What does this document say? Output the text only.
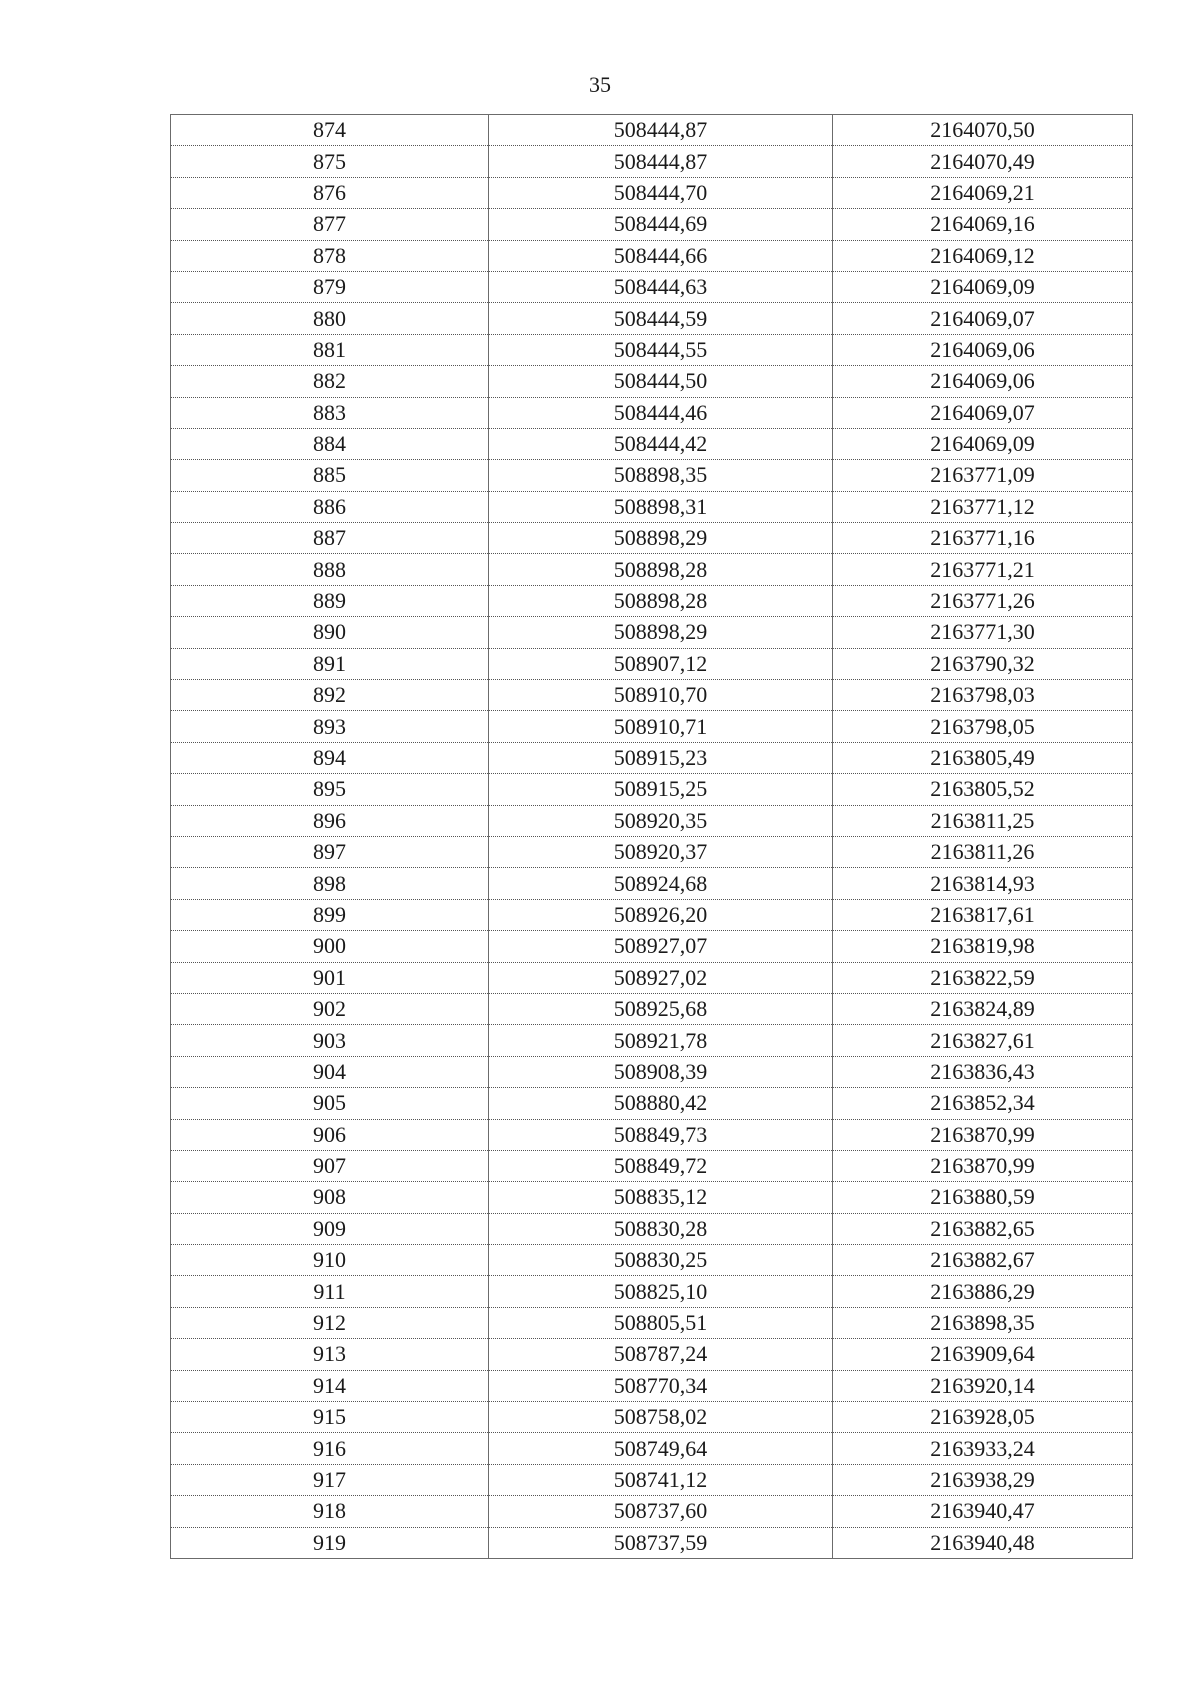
35
874	508444,87	2164070,50
875	508444,87	2164070,49
876	508444,70	2164069,21
877	508444,69	2164069,16
878	508444,66	2164069,12
879	508444,63	2164069,09
880	508444,59	2164069,07
881	508444,55	2164069,06
882	508444,50	2164069,06
883	508444,46	2164069,07
884	508444,42	2164069,09
885	508898,35	2163771,09
886	508898,31	2163771,12
887	508898,29	2163771,16
888	508898,28	2163771,21
889	508898,28	2163771,26
890	508898,29	2163771,30
891	508907,12	2163790,32
892	508910,70	2163798,03
893	508910,71	2163798,05
894	508915,23	2163805,49
895	508915,25	2163805,52
896	508920,35	2163811,25
897	508920,37	2163811,26
898	508924,68	2163814,93
899	508926,20	2163817,61
900	508927,07	2163819,98
901	508927,02	2163822,59
902	508925,68	2163824,89
903	508921,78	2163827,61
904	508908,39	2163836,43
905	508880,42	2163852,34
906	508849,73	2163870,99
907	508849,72	2163870,99
908	508835,12	2163880,59
909	508830,28	2163882,65
910	508830,25	2163882,67
911	508825,10	2163886,29
912	508805,51	2163898,35
913	508787,24	2163909,64
914	508770,34	2163920,14
915	508758,02	2163928,05
916	508749,64	2163933,24
917	508741,12	2163938,29
918	508737,60	2163940,47
919	508737,59	2163940,48
